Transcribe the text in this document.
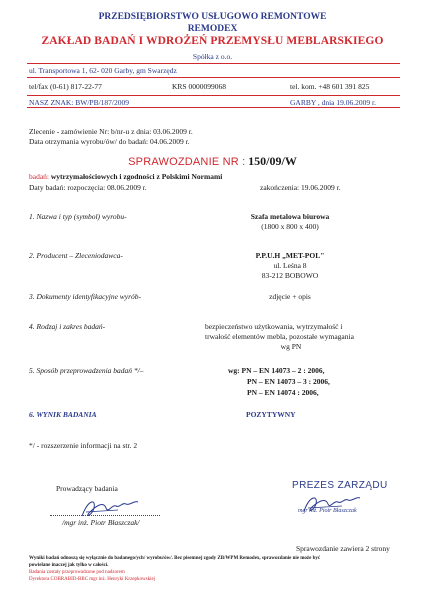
PRZEDSIĘBIORSTWO USŁUGOWO REMONTOWE
REMODEX
ZAKŁAD BADAŃ I WDROŻEŃ PRZEMYSŁU MEBLARSKIEGO
Spółka z o.o.
ul. Transportowa 1, 62- 020 Garby, gm Swarzędz
tel/fax (0-61) 817-22-77	KRS 0000099068	tel. kom. +48 601 391 825
NASZ ZNAK: BW/PB/187/2009	GARBY , dnia 19.06.2009 r.
Zlecenie - zamówienie Nr: b/nr-u z dnia: 03.06.2009 r.
Data otrzymania wyrobu/ów/ do badań: 04.06.2009 r.
SPRAWOZDANIE NR : 150/09/W
badań: wytrzymałościowych i zgodności z Polskimi Normami
Daty badań: rozpoczęcia: 08.06.2009 r.	zakończenia: 19.06.2009 r.
1. Nazwa i typ (symbol) wyrobu-	Szafa metalowa biurowa
(1800 x 800 x 400)
2. Producent – Zleceniodawca-	P.P.U.H „MET-POL"
ul. Leśna 8
83-212 BOBOWO
3. Dokumenty identyfikacyjne wyrób-	zdjęcie + opis
4. Rodzaj i zakres badań-	bezpieczeństwo użytkowania, wytrzymałość i
trwałość elementów mebla, pozostałe wymagania
wg PN
5. Sposób przeprowadzenia badań */–	wg: PN – EN 14073 – 2 : 2006,
PN – EN 14073 – 3 : 2006,
PN – EN 14074 : 2006,
6. WYNIK BADANIA	POZYTYWNY
*/ - rozszerzenie informacji na str. 2
Prowadzący badania	PREZES ZARZĄDU
/mgr inż. Piotr Błaszczak/
mgr inż. Piotr Błaszczak
Sprawozdanie zawiera 2 strony
Wyniki badań odnoszą się wyłącznie do badanego/ych/ wyrobu/ów/. Bez pisemnej zgody ZB/WPM Remodex, sprawozdanie nie może być
powielane inaczej jak tylko w całości.
Badania zostały przeprowadzone pod nadzorem
Dyrektora COBRABID-BBC mgr inż. Henryki Krzepkowskiej
